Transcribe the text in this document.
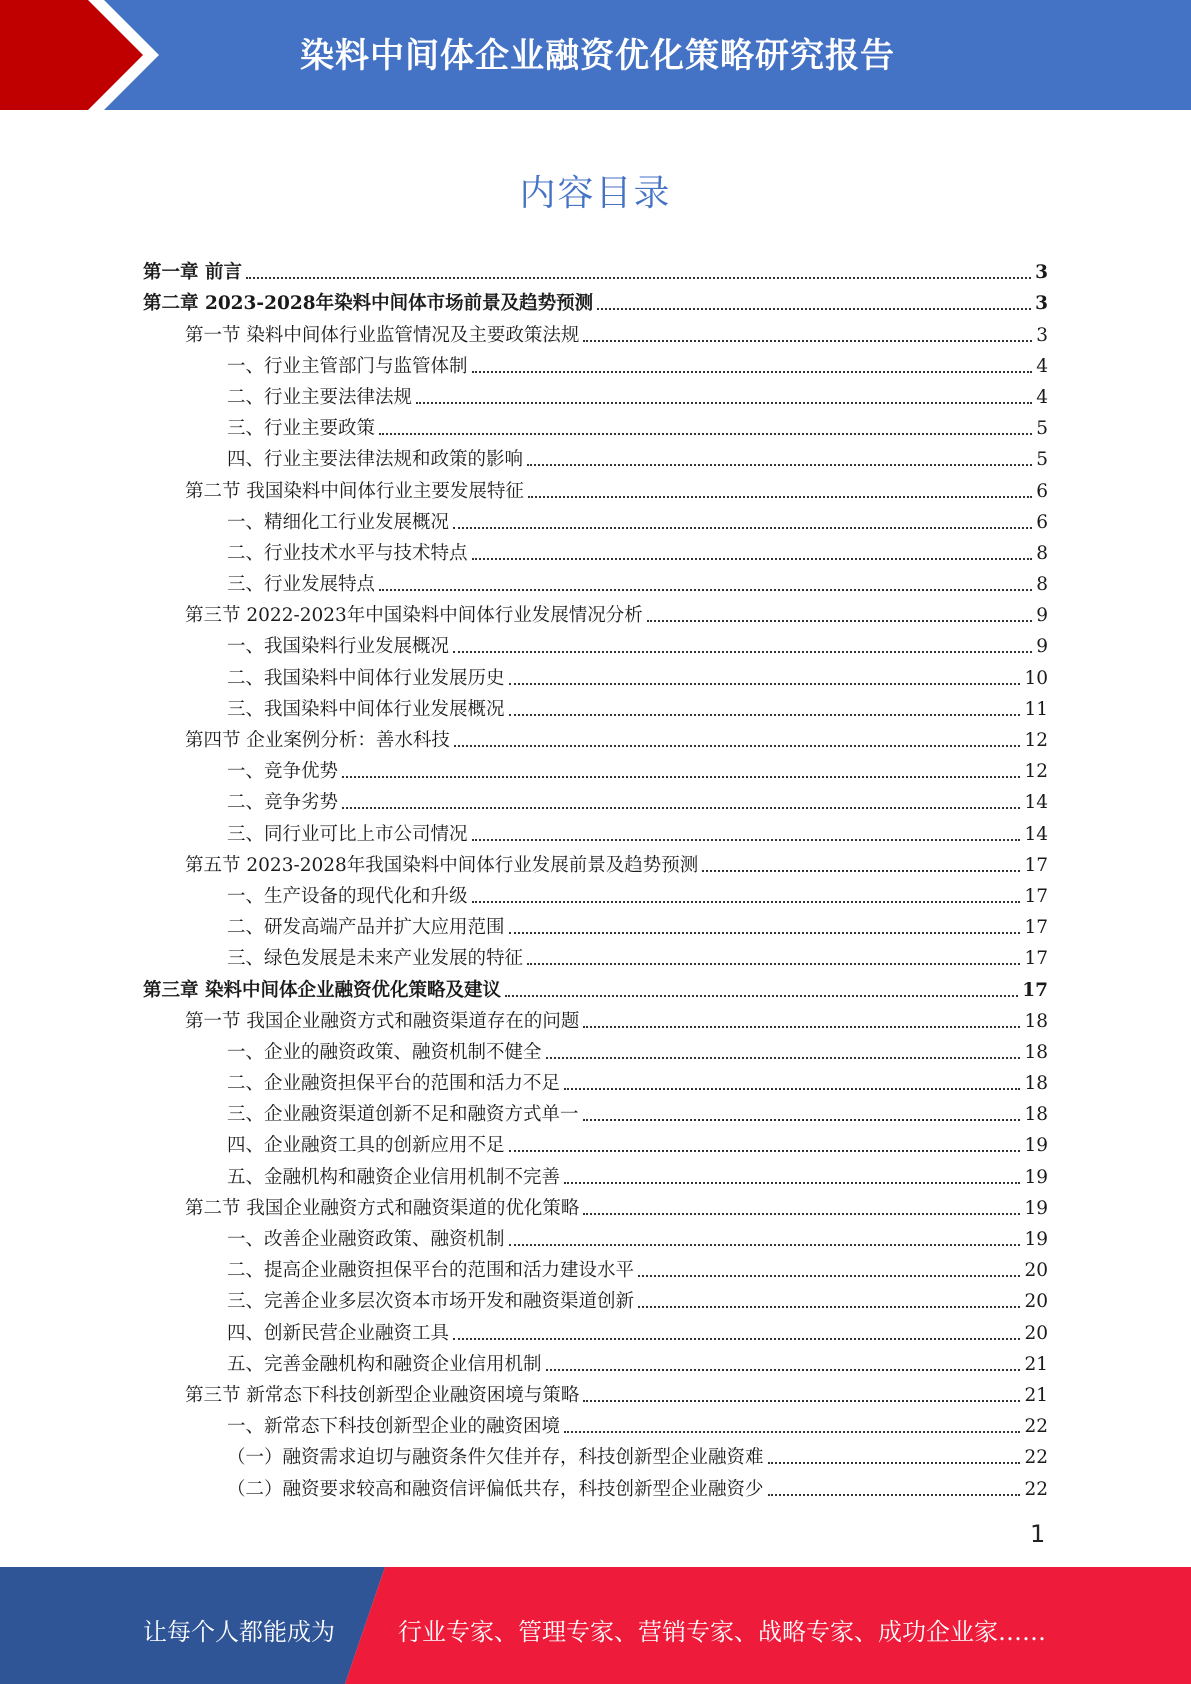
染料中间体企业融资优化策略研究报告
内容目录
第一章 前言	3
第二章 2023-2028年染料中间体市场前景及趋势预测	3
第一节 染料中间体行业监管情况及主要政策法规	3
一、行业主管部门与监管体制	4
二、行业主要法律法规	4
三、行业主要政策	5
四、行业主要法律法规和政策的影响	5
第二节 我国染料中间体行业主要发展特征	6
一、精细化工行业发展概况	6
二、行业技术水平与技术特点	8
三、行业发展特点	8
第三节 2022-2023年中国染料中间体行业发展情况分析	9
一、我国染料行业发展概况	9
二、我国染料中间体行业发展历史	10
三、我国染料中间体行业发展概况	11
第四节 企业案例分析：善水科技	12
一、竞争优势	12
二、竞争劣势	14
三、同行业可比上市公司情况	14
第五节 2023-2028年我国染料中间体行业发展前景及趋势预测	17
一、生产设备的现代化和升级	17
二、研发高端产品并扩大应用范围	17
三、绿色发展是未来产业发展的特征	17
第三章 染料中间体企业融资优化策略及建议	17
第一节 我国企业融资方式和融资渠道存在的问题	18
一、企业的融资政策、融资机制不健全	18
二、企业融资担保平台的范围和活力不足	18
三、企业融资渠道创新不足和融资方式单一	18
四、企业融资工具的创新应用不足	19
五、金融机构和融资企业信用机制不完善	19
第二节 我国企业融资方式和融资渠道的优化策略	19
一、改善企业融资政策、融资机制	19
二、提高企业融资担保平台的范围和活力建设水平	20
三、完善企业多层次资本市场开发和融资渠道创新	20
四、创新民营企业融资工具	20
五、完善金融机构和融资企业信用机制	21
第三节 新常态下科技创新型企业融资困境与策略	21
一、新常态下科技创新型企业的融资困境	22
（一）融资需求迫切与融资条件欠佳并存，科技创新型企业融资难	22
（二）融资要求较高和融资信评偏低共存，科技创新型企业融资少	22
1
让每个人都能成为	行业专家、管理专家、营销专家、战略专家、成功企业家……
